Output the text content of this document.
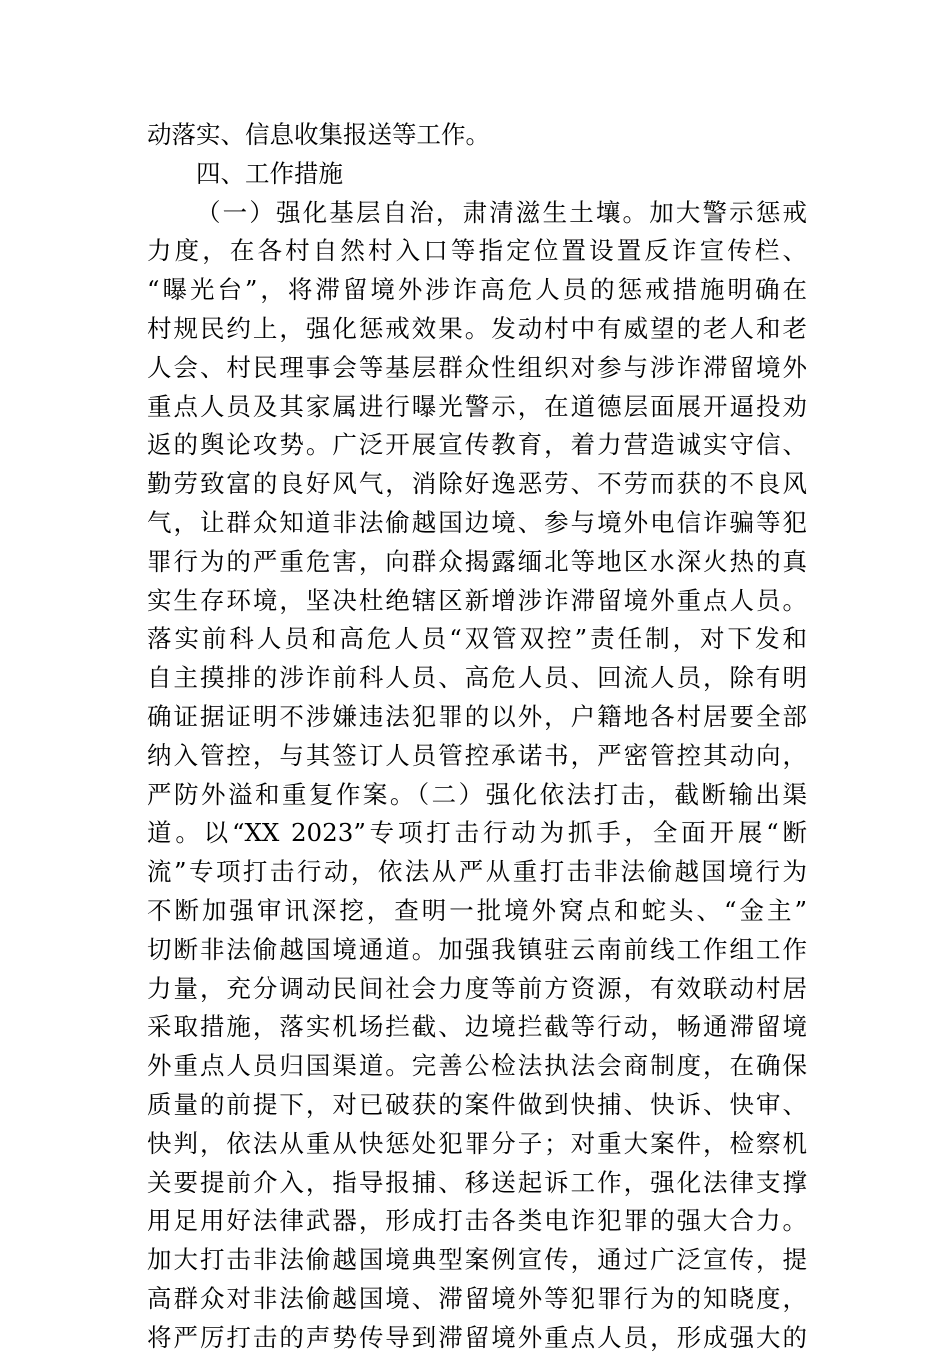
动落实、信息收集报送等工作。
四、工作措施
（一）强化基层自治，肃清滋生土壤。加大警示惩戒
力度，在各村自然村入口等指定位置设置反诈宣传栏、
“曝光台”，将滞留境外涉诈高危人员的惩戒措施明确在
村规民约上，强化惩戒效果。发动村中有威望的老人和老
人会、村民理事会等基层群众性组织对参与涉诈滞留境外
重点人员及其家属进行曝光警示，在道德层面展开逼投劝
返的舆论攻势。广泛开展宣传教育，着力营造诚实守信、
勤劳致富的良好风气，消除好逸恶劳、不劳而获的不良风
气，让群众知道非法偷越国边境、参与境外电信诈骗等犯
罪行为的严重危害，向群众揭露缅北等地区水深火热的真
实生存环境，坚决杜绝辖区新增涉诈滞留境外重点人员。
落实前科人员和高危人员“双管双控”责任制，对下发和
自主摸排的涉诈前科人员、高危人员、回流人员，除有明
确证据证明不涉嫌违法犯罪的以外，户籍地各村居要全部
纳入管控，与其签订人员管控承诺书，严密管控其动向，
严防外溢和重复作案。（二）强化依法打击，截断输出渠
道。以“XX 2023”专项打击行动为抓手，全面开展“断
流”专项打击行动，依法从严从重打击非法偷越国境行为
不断加强审讯深挖，查明一批境外窝点和蛇头、“金主”
切断非法偷越国境通道。加强我镇驻云南前线工作组工作
力量，充分调动民间社会力度等前方资源，有效联动村居
采取措施，落实机场拦截、边境拦截等行动，畅通滞留境
外重点人员归国渠道。完善公检法执法会商制度，在确保
质量的前提下，对已破获的案件做到快捕、快诉、快审、
快判，依法从重从快惩处犯罪分子；对重大案件，检察机
关要提前介入，指导报捕、移送起诉工作，强化法律支撑
用足用好法律武器，形成打击各类电诈犯罪的强大合力。
加大打击非法偷越国境典型案例宣传，通过广泛宣传，提
高群众对非法偷越国境、滞留境外等犯罪行为的知晓度，
将严厉打击的声势传导到滞留境外重点人员，形成强大的
